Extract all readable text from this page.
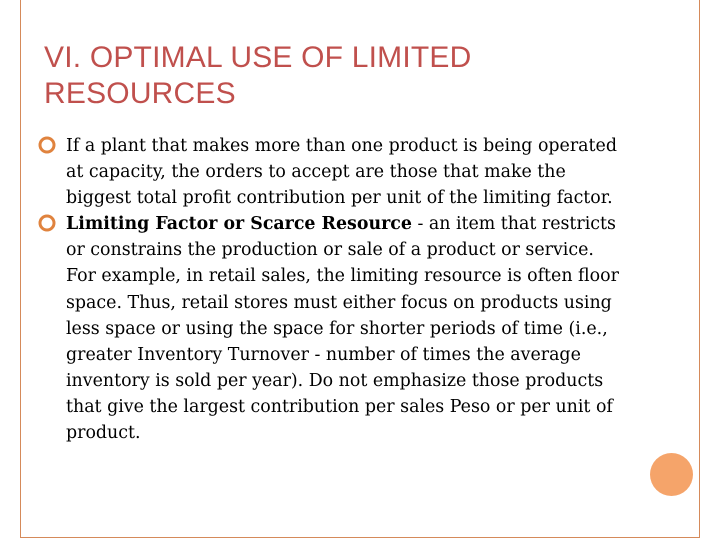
VI. OPTIMAL USE OF LIMITED
RESOURCES
If a plant that makes more than one product is being operated at capacity, the orders to accept are those that make the biggest total profit contribution per unit of the limiting factor.
Limiting Factor or Scarce Resource - an item that restricts or constrains the production or sale of a product or service. For example, in retail sales, the limiting resource is often floor space. Thus, retail stores must either focus on products using less space or using the space for shorter periods of time (i.e., greater Inventory Turnover - number of times the average inventory is sold per year). Do not emphasize those products that give the largest contribution per sales Peso or per unit of product.
